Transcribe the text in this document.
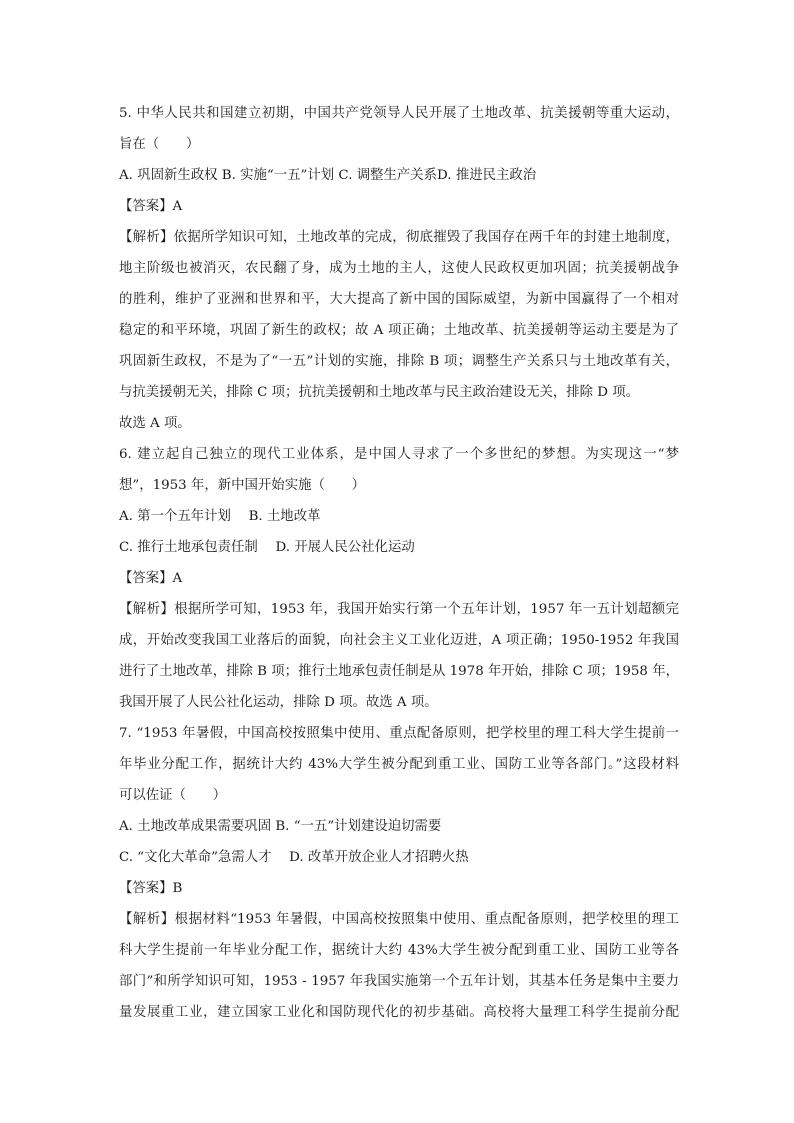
5. 中华人民共和国建立初期，中国共产党领导人民开展了土地改革、抗美援朝等重大运动，
旨在（　　）
A. 巩固新生政权 B. 实施“一五”计划 C. 调整生产关系D. 推进民主政治
【答案】A
【解析】依据所学知识可知，土地改革的完成，彻底摧毁了我国存在两千年的封建土地制度，
地主阶级也被消灭，农民翻了身，成为土地的主人，这使人民政权更加巩固；抗美援朝战争
的胜利，维护了亚洲和世界和平，大大提高了新中国的国际威望，为新中国赢得了一个相对
稳定的和平环境，巩固了新生的政权；故 A 项正确；土地改革、抗美援朝等运动主要是为了
巩固新生政权，不是为了“一五”计划的实施，排除 B 项；调整生产关系只与土地改革有关，
与抗美援朝无关，排除 C 项；抗抗美援朝和土地改革与民主政治建设无关，排除 D 项。
故选 A 项。
6. 建立起自己独立的现代工业体系，是中国人寻求了一个多世纪的梦想。为实现这一“梦
想”，1953 年，新中国开始实施（　　）
A. 第一个五年计划　 B. 土地改革
C. 推行土地承包责任制　 D. 开展人民公社化运动
【答案】A
【解析】根据所学可知，1953 年，我国开始实行第一个五年计划，1957 年一五计划超额完
成，开始改变我国工业落后的面貌，向社会主义工业化迈进，A 项正确；1950-1952 年我国
进行了土地改革，排除 B 项；推行土地承包责任制是从 1978 年开始，排除 C 项；1958 年，
我国开展了人民公社化运动，排除 D 项。故选 A 项。
7. “1953 年暑假，中国高校按照集中使用、重点配备原则，把学校里的理工科大学生提前一
年毕业分配工作，据统计大约 43%大学生被分配到重工业、国防工业等各部门。”这段材料
可以佐证（　　）
A. 土地改革成果需要巩固 B. “一五”计划建设迫切需要
C. “文化大革命”急需人才　 D. 改革开放企业人才招聘火热
【答案】B
【解析】根据材料“1953 年暑假，中国高校按照集中使用、重点配备原则，把学校里的理工
科大学生提前一年毕业分配工作，据统计大约 43%大学生被分配到重工业、国防工业等各
部门”和所学知识可知，1953 - 1957 年我国实施第一个五年计划，其基本任务是集中主要力
量发展重工业，建立国家工业化和国防现代化的初步基础。高校将大量理工科学生提前分配
